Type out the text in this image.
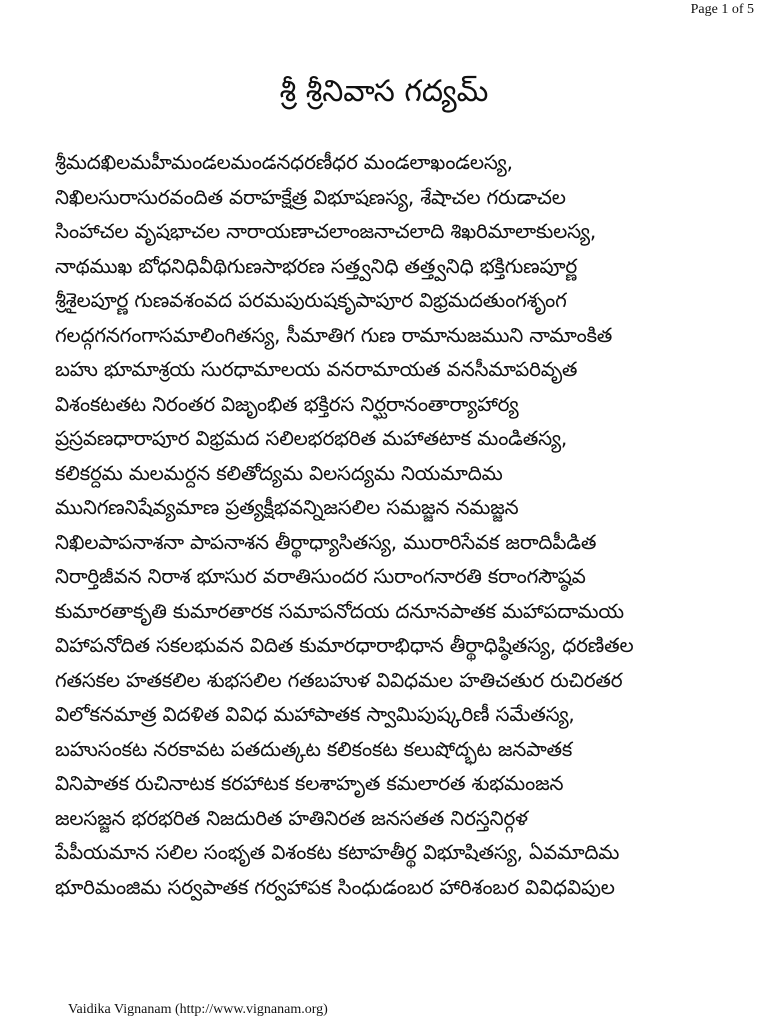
Page 1 of 5
శ్రీ శ్రీనివాస గద్యమ్
శ్రీమదఖిలమహీమండలమండనధరణీధర మండలాఖండలస్య,
నిఖిలసురాసురవందిత వరాహక్షేత్ర విభూషణస్య, శేషాచల గరుడాచల
సింహాచల వృషభాచల నారాయణాచలాంజనాచలాది శిఖరిమాలాకులస్య,
నాథముఖ బోధనిధివీథిగుణసాభరణ సత్త్వనిధి తత్త్వనిధి భక్తిగుణపూర్ణ
శ్రీశైలపూర్ణ గుణవశంవద పరమపురుషకృపాపూర విభ్రమదతుంగశృంగ
గలద్గగనగంగాసమాలింగితస్య, సీమాతిగ గుణ రామానుజముని నామాంకిత
బహు భూమాశ్రయ సురధామాలయ వనరామాయత వనసీమాపరివృత
విశంకటతట నిరంతర విజృంభిత భక్తిరస నిర్ఘరానంతార్యాహార్య
ప్రస్రవణధారాపూర విభ్రమద సలిలభరభరిత మహాతటాక మండితస్య,
కలికర్దమ మలమర్దన కలితోద్యమ విలసద్యమ నియమాదిమ
మునిగణనిషేవ్యమాణ ప్రత్యక్షీభవన్నిజసలిల సమజ్జన నమజ్జన
నిఖిలపాపనాశనా పాపనాశన తీర్థాధ్యాసితస్య, మురారిసేవక జరాదిపీడిత
నిరార్తిజీవన నిరాశ భూసుర వరాతిసుందర సురాంగనారతి కరాంగసౌష్ఠవ
కుమారతాకృతి కుమారతారక సమాపనోదయ దనూనపాతక మహాపదామయ
విహాపనోదిత సకలభువన విదిత కుమారధారాభిధాన తీర్థాధిష్ఠితస్య, ధరణితల
గతసకల హతకలిల శుభసలిల గతబహుళ వివిధమల హతిచతుర రుచిరతర
విలోకనమాత్ర విదళిత వివిధ మహాపాతక స్వామిపుష్కరిణీ సమేతస్య,
బహుసంకట నరకావట పతదుత్కట కలికంకట కలుషోద్భట జనపాతక
వినిపాతక రుచినాటక కరహాటక కలశాహృత కమలారత శుభమంజన
జలసజ్జన భరభరిత నిజదురిత హతినిరత జనసతత నిరస్తనిర్గళ
పేపీయమాన సలిల సంభృత విశంకట కటాహతీర్థ విభూషితస్య, ఏవమాదిమ
భూరిమంజిమ సర్వపాతక గర్వహాపక సింధుడంబర హారిశంబర వివిధవిపుల
Vaidika Vignanam (http://www.vignanam.org)
